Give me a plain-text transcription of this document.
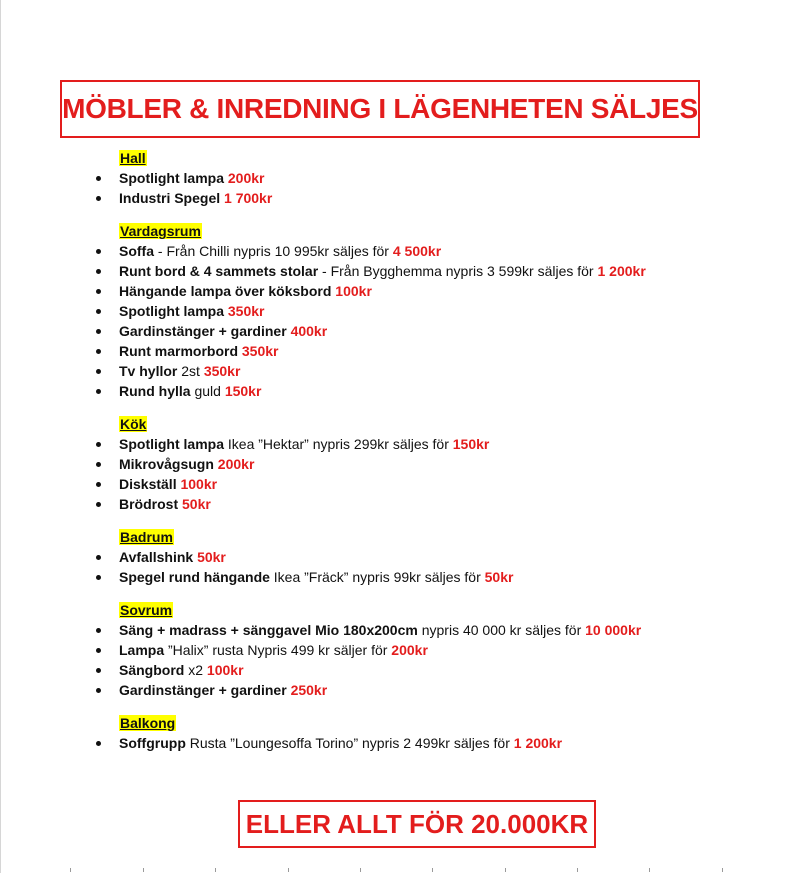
MÖBLER & INREDNING I LÄGENHETEN SÄLJES
Hall
Spotlight lampa 200kr
Industri Spegel 1 700kr
Vardagsrum
Soffa - Från Chilli nypris 10 995kr säljes för 4 500kr
Runt bord & 4 sammets stolar - Från Bygghemma nypris 3 599kr säljes för 1 200kr
Hängande lampa över köksbord 100kr
Spotlight lampa 350kr
Gardinstänger + gardiner 400kr
Runt marmorbord 350kr
Tv hyllor 2st 350kr
Rund hylla guld 150kr
Kök
Spotlight lampa Ikea ”Hektar” nypris 299kr säljes för 150kr
Mikrovågsugn 200kr
Diskställ 100kr
Brödrost 50kr
Badrum
Avfallshink 50kr
Spegel rund hängande Ikea ”Fräck” nypris 99kr säljes för 50kr
Sovrum
Säng + madrass + sänggavel Mio 180x200cm nypris 40 000 kr säljes för 10 000kr
Lampa ”Halix” rusta Nypris 499 kr säljer för 200kr
Sängbord x2 100kr
Gardinstänger + gardiner 250kr
Balkong
Soffgrupp Rusta ”Loungesoffa Torino” nypris 2 499kr säljes för 1 200kr
ELLER ALLT FÖR 20.000KR
